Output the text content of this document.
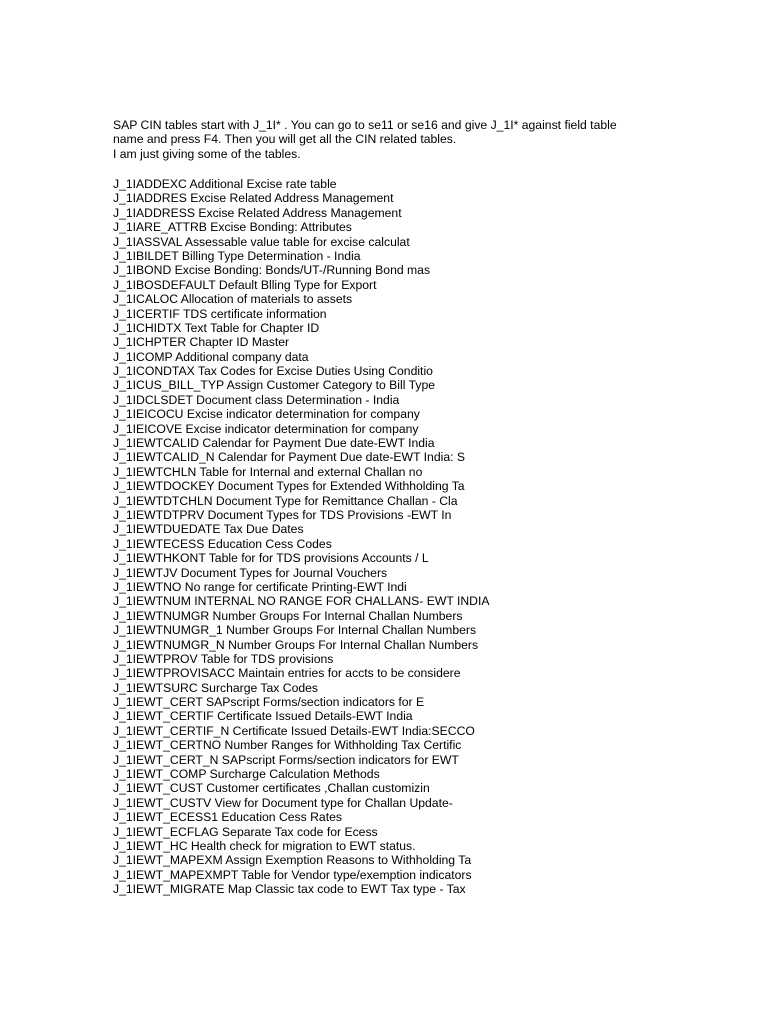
SAP CIN tables start with J_1I* . You can go to se11 or se16 and give J_1I* against field table

name and press F4. Then you will get all the CIN related tables.

I am just giving some of the tables.

J_1IADDEXC Additional Excise rate table
J_1IADDRES Excise Related Address Management
J_1IADDRESS Excise Related Address Management
J_1IARE_ATTRB Excise Bonding: Attributes
J_1IASSVAL Assessable value table for excise calculat
J_1IBILDET Billing Type Determination - India
J_1IBOND Excise Bonding: Bonds/UT-/Running Bond mas
J_1IBOSDEFAULT Default Blling Type for Export
J_1ICALOC Allocation of materials to assets
J_1ICERTIF TDS certificate information
J_1ICHIDTX Text Table for Chapter ID
J_1ICHPTER Chapter ID Master
J_1ICOMP Additional company data
J_1ICONDTAX Tax Codes for Excise Duties Using Conditio
J_1ICUS_BILL_TYP Assign Customer Category to Bill Type
J_1IDCLSDET Document class Determination - India
J_1IEICOCU Excise indicator determination for company
J_1IEICOVE Excise indicator determination for company
J_1IEWTCALID Calendar for Payment Due date-EWT India
J_1IEWTCALID_N Calendar for Payment Due date-EWT India: S
J_1IEWTCHLN Table for Internal and external Challan no
J_1IEWTDOCKEY Document Types for Extended Withholding Ta
J_1IEWTDTCHLN Document Type for Remittance Challan - Cla
J_1IEWTDTPRV Document Types for TDS Provisions -EWT In
J_1IEWTDUEDATE Tax Due Dates
J_1IEWTECESS Education Cess Codes
J_1IEWTHKONT Table for for TDS provisions Accounts / L
J_1IEWTJV Document Types for Journal Vouchers
J_1IEWTNO No range for certificate Printing-EWT Indi
J_1IEWTNUM INTERNAL NO RANGE FOR CHALLANS- EWT INDIA
J_1IEWTNUMGR Number Groups For Internal Challan Numbers
J_1IEWTNUMGR_1 Number Groups For Internal Challan Numbers
J_1IEWTNUMGR_N Number Groups For Internal Challan Numbers
J_1IEWTPROV Table for TDS provisions
J_1IEWTPROVISACC Maintain entries for accts to be considere
J_1IEWTSURC Surcharge Tax Codes
J_1IEWT_CERT SAPscript Forms/section indicators for E
J_1IEWT_CERTIF Certificate Issued Details-EWT India
J_1IEWT_CERTIF_N Certificate Issued Details-EWT India:SECCO
J_1IEWT_CERTNO Number Ranges for Withholding Tax Certific
J_1IEWT_CERT_N SAPscript Forms/section indicators for EWT
J_1IEWT_COMP Surcharge Calculation Methods
J_1IEWT_CUST Customer certificates ,Challan customizin
J_1IEWT_CUSTV View for Document type for Challan Update-
J_1IEWT_ECESS1 Education Cess Rates
J_1IEWT_ECFLAG Separate Tax code for Ecess
J_1IEWT_HC Health check for migration to EWT status.
J_1IEWT_MAPEXM Assign Exemption Reasons to Withholding Ta
J_1IEWT_MAPEXMPT Table for Vendor type/exemption indicators
J_1IEWT_MIGRATE Map Classic tax code to EWT Tax type - Tax
